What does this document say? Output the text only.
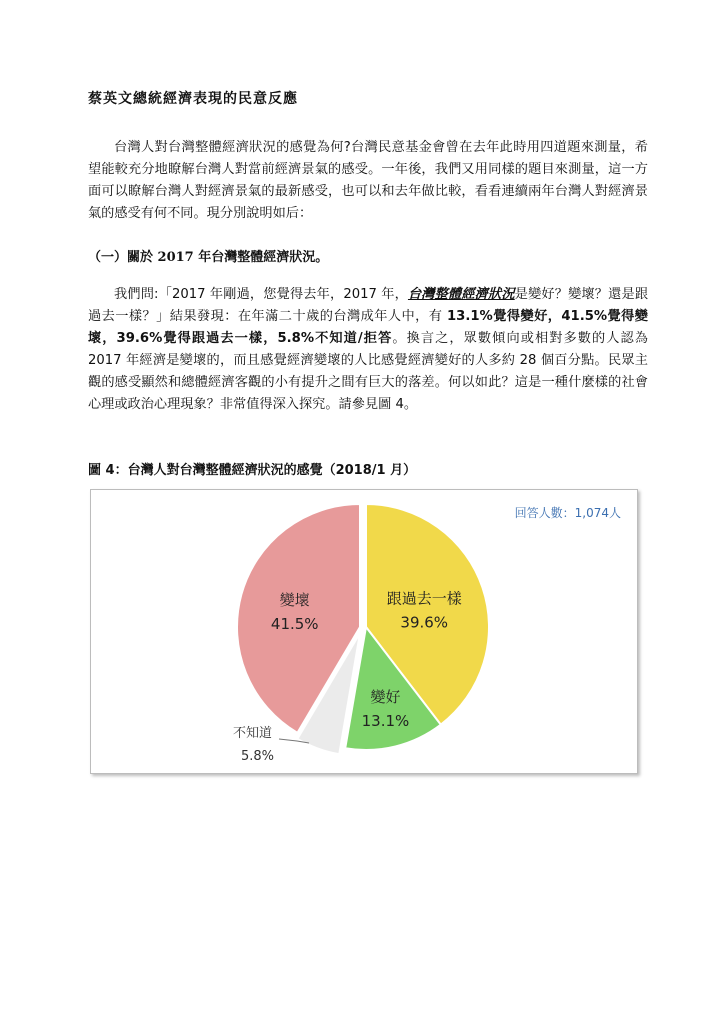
蔡英文總統經濟表現的民意反應
台灣人對台灣整體經濟狀況的感覺為何?台灣民意基金會曾在去年此時用四道題來測量，希望能較充分地瞭解台灣人對當前經濟景氣的感受。一年後，我們又用同樣的題目來測量，這一方面可以瞭解台灣人對經濟景氣的最新感受，也可以和去年做比較，看看連續兩年台灣人對經濟景氣的感受有何不同。現分別說明如后：
（一）關於 2017 年台灣整體經濟狀況。
我們問:「2017 年剛過，您覺得去年，2017 年，台灣整體經濟狀況是變好？變壞？還是跟過去一樣？」結果發現：在年滿二十歲的台灣成年人中，有 13.1%覺得變好，41.5%覺得變壞，39.6%覺得跟過去一樣，5.8%不知道/拒答。換言之，眾數傾向或相對多數的人認為 2017 年經濟是變壞的，而且感覺經濟變壞的人比感覺經濟變好的人多約 28 個百分點。民眾主觀的感受顯然和總體經濟客觀的小有提升之間有巨大的落差。何以如此？這是一種什麼樣的社會心理或政治心理現象？非常值得深入探究。請參見圖 4。
圖 4：台灣人對台灣整體經濟狀況的感覺（2018/1 月）
跟過去一樣
39.6%
變好
13.1%
變壞
41.5%
回答人數：1,074人
不知道
5.8%
